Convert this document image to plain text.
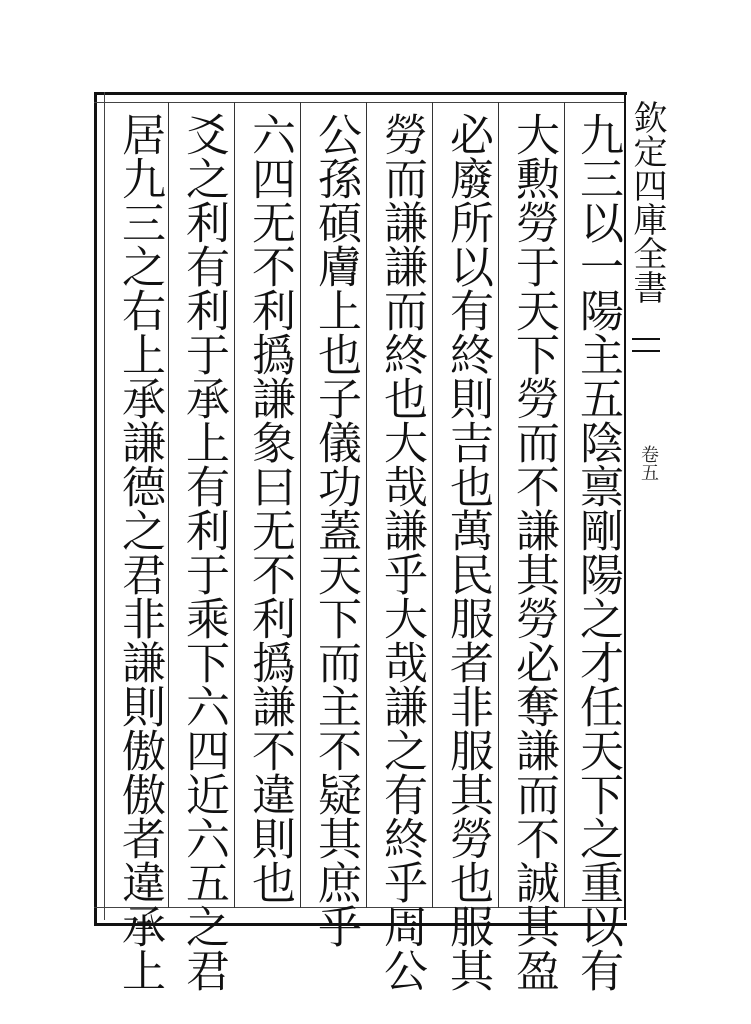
九三以一陽主五陰禀剛陽之才任天下之重以有
大勲勞于天下勞而不謙其勞必奪謙而不誠其盈
必廢所以有終則吉也萬民服者非服其勞也服其
勞而謙謙而終也大哉謙乎大哉謙之有終乎周公
公孫碩膚上也子儀功蓋天下而主不疑其庶乎
六四无不利撝謙象曰无不利撝謙不違則也
爻之利有利于承上有利于乘下六四近六五之君
居九三之右上承謙德之君非謙則傲傲者違承上	欽定四庫全書
卷五
